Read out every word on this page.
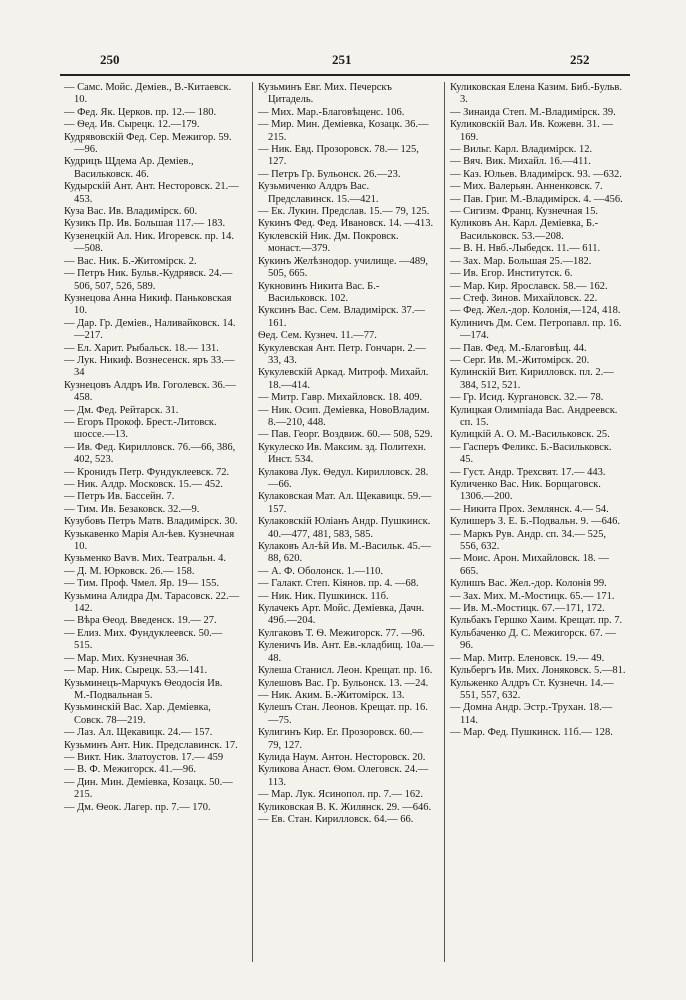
250	251	252

— Самс. Мойс. Деміев., В.-Китаевск. 10.

— Фед. Як. Церков. пр. 12.— 180.

— Ѳед. Ив. Сырецк. 12.—179.

Кудрявовскій Фед. Сер. Межигор. 59.—96.

Кудрицъ Щдема Ар. Деміев., Васильковск. 46.

Кудырскій Ант. Ант. Несторовск. 21.—453.

Куза Вас. Ив. Владимірск. 60.

Кузикъ Пр. Ив. Большая 117.— 183.

Кузенецкій Ал. Ник. Игоревск. пр. 14.—508.

— Вас. Ник. Б.-Житомірск. 2.

— Петръ Ник. Бульв.-Кудрявск. 24.—506, 507, 526, 589.

Кузнецова Анна Никиф. Паньковская 10.

— Дар. Гр. Деміев., Наливайковск. 14.—217.

— Ел. Харит. Рыбальск. 18.— 131.

— Лук. Никиф. Вознесенск. яръ 33.—34

Кузнецовъ Алдръ Ив. Гоголевск. 36.—458.

— Дм. Фед. Рейтарск. 31.

— Егоръ Прокоф. Брест.-Литовск. шоссе.—13.

— Ив. Фед. Кирилловск. 76.—66, 386, 402, 523.

— Кронидъ Петр. Фундуклеевск. 72.

— Ник. Алдр. Московск. 15.— 452.

— Петръ Ив. Бассейн. 7.

— Тим. Ив. Безаковск. 32.—9.

Кузубовъ Петръ Матв. Владимірск. 30.

Кузькавенко Марія Ал-ѣев. Кузнечная 10.

Кузьменко Ваѵв. Мих. Театральн. 4.

— Д. М. Юрковск. 26.— 158.

— Тим. Проф. Чмел. Яр. 19— 155.

Кузьмина Алидра Дм. Тарасовск. 22.—142.

— Вѣра Ѳеод. Введенск. 19.— 27.

— Елиз. Мих. Фундуклеевск. 50.—515.

— Мар. Мих. Кузнечная 36.

— Мар. Ник. Сырецк. 53.—141.

Кузьминецъ-Марчукъ Ѳеодосія Ив. М.-Подвальная 5.

Кузьминскій Вас. Хар. Деміевка, Совск. 78—219.

— Лаз. Ал. Щекавицк. 24.— 157.

Кузьминъ Ант. Ник. Предславинск. 17.

— Викт. Ник. Златоустов. 17.— 459

— В. Ф. Межигорск. 41.—96.

— Дин. Мин. Деміевка, Козацк. 50.—215.

— Дм. Ѳеок. Лагер. пр. 7.— 170.

Кузьминъ Евг. Мих. Печерскъ Цитадель.

— Мих. Мар.-Благовѣщенс. 106.

— Мир. Мин. Деміевка, Козацк. 36.—215.

— Ник. Евд. Прозоровск. 78.— 125, 127.

— Петръ Гр. Бульонск. 26.—23.

Кузьмиченко Алдръ Вас. Предславинск. 15.—421.

— Ек. Лукин. Предслав. 15.— 79, 125.

Кукинъ Фед. Фед. Ивановск. 14. —413.

Куклевскій Ник. Дм. Покровск. монаст.—379.

Кукинъ Желѣзнодор. училище. —489, 505, 665.

Кукновинъ Никита Вас. Б.-Васильковск. 102.

Куксинъ Вас. Сем. Владимірск. 37.—161.

Ѳед. Сем. Кузнеч. 11.—77.

Кукулевская Ант. Петр. Гончарн. 2.—33, 43.

Кукулевскій Аркад. Митроф. Михайл. 18.—414.

— Митр. Гавр. Михайловск. 18. 409.

— Ник. Осип. Деміевка, НовоВладим. 8.—210, 448.

— Пав. Георг. Воздвиж. 60.— 508, 529.

Кукулеско Ив. Максим. зд. Политехн. Инст. 534.

Кулакова Лук. Ѳедул. Кирилловск. 28.—66.

Кулаковская Мат. Ал. Щекавицк. 59.—157.

Кулаковскій Юліанъ Андр. Пушкинск. 40.—477, 481, 583, 585.

Кулаковъ Ал-ѣй Ив. М.-Васильк. 45.—88, 620.

— А. Ф. Оболонск. 1.—110.

— Галакт. Степ. Кіянов. пр. 4. —68.

— Ник. Ник. Пушкинск. 11б.

Кулачекъ Арт. Мойс. Деміевка, Дачн. 49б.—204.

Кулгаковъ Т. Ѳ. Межигорск. 77. —96.

Куленичъ Ив. Ант. Ев.-кладбищ. 10а.—48.

Кулеша Станисл. Леон. Крещат. пр. 16.

Кулешовъ Вас. Гр. Бульонск. 13. —24.

— Ник. Аким. Б.-Житомірск. 13.

Кулешъ Стан. Леонов. Крещат. пр. 16.—75.

Кулигинъ Кир. Ег. Прозоровск. 60.—79, 127.

Кулида Наум. Антон. Несторовск. 20.

Куликова Анаст. Ѳом. Олеговск. 24.—113.

— Мар. Лук. Ясинопол. пр. 7.— 162.

Куликовская В. К. Жилянск. 29. —646.

— Ев. Стан. Кирилловск. 64.— 66.

Куликовская Елена Казим. Биб.-Бульв. 3.

— Зинаида Степ. М.-Владимірск. 39.

Куликовскій Вал. Ив. Кожевн. 31. —169.

— Вильг. Карл. Владимірск. 12.

— Вяч. Вик. Михайл. 16.—411.

— Каз. Юльев. Владимірск. 93. —632.

— Мих. Валерьян. Анненковск. 7.

— Пав. Григ. М.-Владимірск. 4. —456.

— Сигизм. Франц. Кузнечная 15.

Куликовъ Ан. Карл. Деміевка, Б.-Васильковск. 53.—208.

— В. Н. Нвб.-Лыбедск. 11.— 611.

— Зах. Мар. Большая 25.—182.

— Ив. Егор. Институтск. 6.

— Мар. Кир. Ярославск. 58.— 162.

— Стеф. Зинов. Михайловск. 22.

— Фед. Жел.-дор. Колонія,—124, 418.

Кулиничъ Дм. Сем. Петропавл. пр. 16.—174.

— Пав. Фед. М.-Благовѣщ. 44.

— Серг. Ив. М.-Житомірск. 20.

Кулинскій Вит. Кирилловск. пл. 2.—384, 512, 521.

— Гр. Исид. Кургановск. 32.— 78.

Кулицкая Олимпіада Вас. Андреевск. сп. 15.

Кулицкій А. О. М.-Васильковск. 25.

— Гасперъ Феликс. Б.-Васильковск. 45.

— Густ. Андр. Трехсвят. 17.— 443.

Куличенко Вас. Ник. Борщаговск. 1306.—200.

— Никита Прох. Землянск. 4.— 54.

Кулишеръ З. Е. Б.-Подвальн. 9. —646.

— Маркъ Рув. Андр. сп. 34.— 525, 556, 632.

— Моис. Арон. Михайловск. 18. —665.

Кулишъ Вас. Жел.-дор. Колонія 99.

— Зах. Мих. М.-Мостицк. 65.— 171.

— Ив. М.-Мостицк. 67.—171, 172.

Кульбакъ Гершко Хаим. Крещат. пр. 7.

Кульбаченко Д. С. Межигорск. 67. —96.

— Мар. Митр. Еленовск. 19.— 49.

Кульбергъ Ив. Мих. Лоняковск. 5.—81.

Кульженко Алдръ Ст. Кузнечн. 14.—551, 557, 632.

— Домна Андр. Эстр.-Трухан. 18.—114.

— Мар. Фед. Пушкинск. 11б.— 128.
